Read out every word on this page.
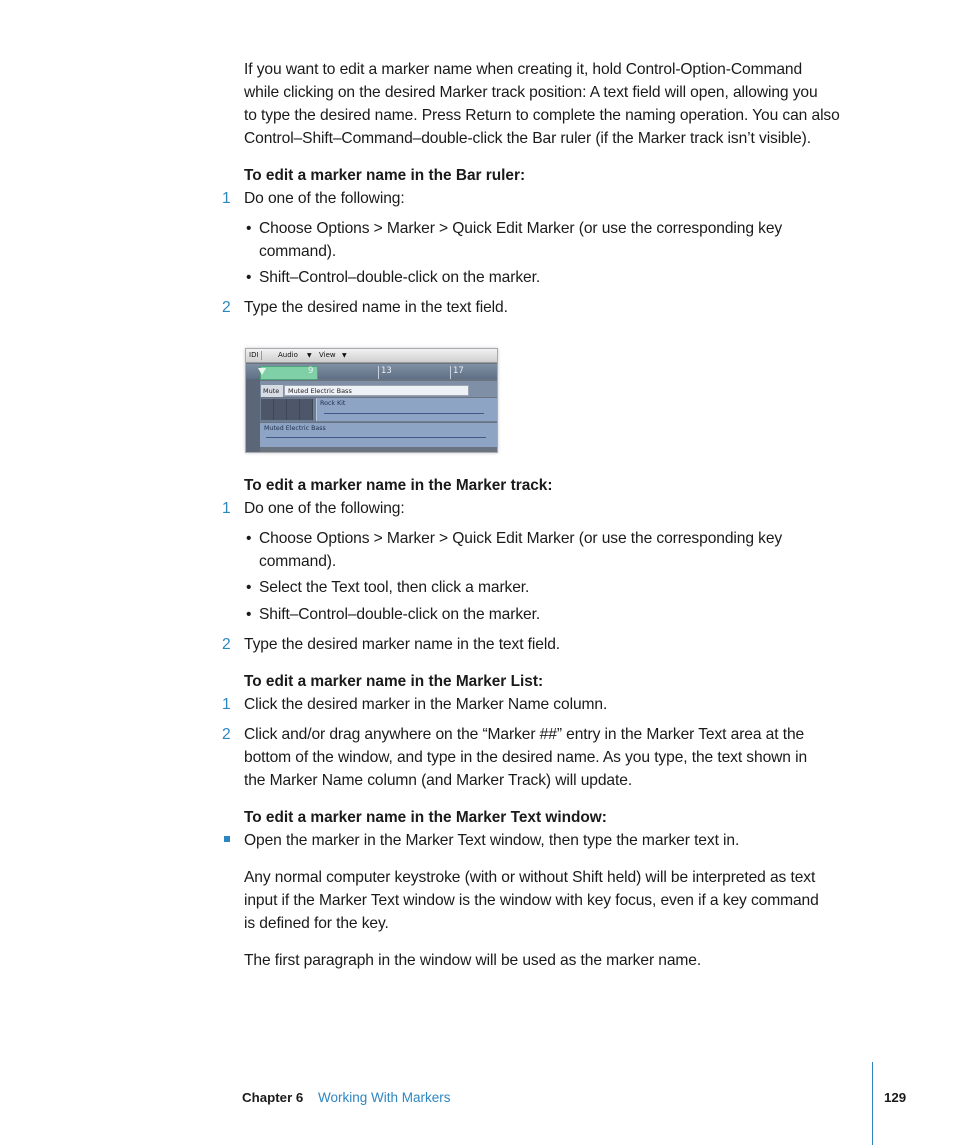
If you want to edit a marker name when creating it, hold Control-Option-Command

while clicking on the desired Marker track position: A text field will open, allowing you

to type the desired name. Press Return to complete the naming operation. You can also

Control–Shift–Command–double-click the Bar ruler (if the Marker track isn’t visible).

To edit a marker name in the Bar ruler:
1 Do one of the following:
• Choose Options > Marker > Quick Edit Marker (or use the corresponding key
command).
• Shift–Control–double-click on the marker.
2 Type the desired name in the text field.
IDI	Audio ▼ View ▼
9	13	17
Mute	Muted Electric Bass
Rock Kit
Muted Electric Bass
To edit a marker name in the Marker track:
1 Do one of the following:
• Choose Options > Marker > Quick Edit Marker (or use the corresponding key
command).
• Select the Text tool, then click a marker.
• Shift–Control–double-click on the marker.
2 Type the desired marker name in the text field.
To edit a marker name in the Marker List:
1 Click the desired marker in the Marker Name column.
2 Click and/or drag anywhere on the “Marker ##” entry in the Marker Text area at the

bottom of the window, and type in the desired name. As you type, the text shown in

the Marker Name column (and Marker Track) will update.

To edit a marker name in the Marker Text window:
Open the marker in the Marker Text window, then type the marker text in.

Any normal computer keystroke (with or without Shift held) will be interpreted as text

input if the Marker Text window is the window with key focus, even if a key command

is defined for the key.

The first paragraph in the window will be used as the marker name.
Chapter 6 Working With Markers	129
